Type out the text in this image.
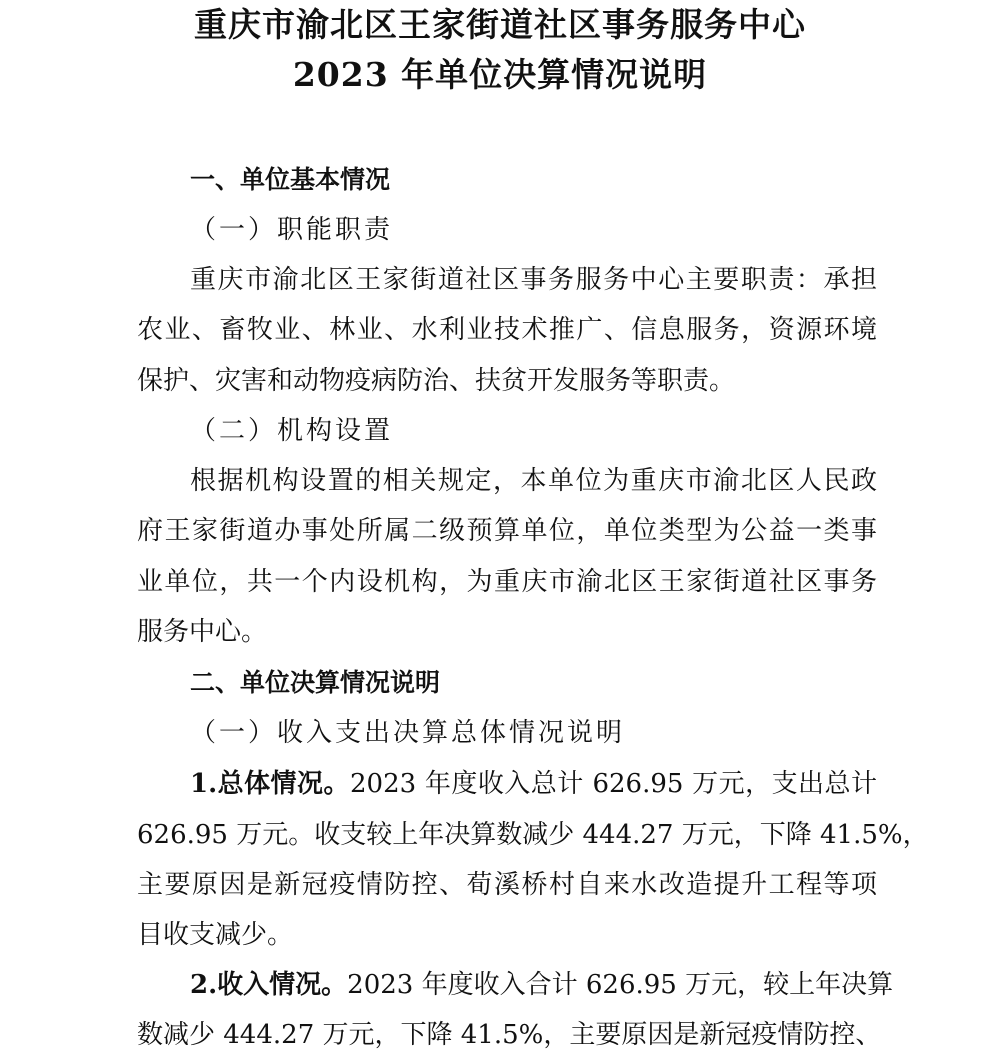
重庆市渝北区王家街道社区事务服务中心
2023 年单位决算情况说明
一、单位基本情况
（一）职能职责
重庆市渝北区王家街道社区事务服务中心主要职责：承担
农业、畜牧业、林业、水利业技术推广、信息服务，资源环境
保护、灾害和动物疫病防治、扶贫开发服务等职责。
（二）机构设置
根据机构设置的相关规定，本单位为重庆市渝北区人民政
府王家街道办事处所属二级预算单位，单位类型为公益一类事
业单位，共一个内设机构，为重庆市渝北区王家街道社区事务
服务中心。
二、单位决算情况说明
（一）收入支出决算总体情况说明
1.总体情况。2023 年度收入总计 626.95 万元，支出总计
626.95 万元。收支较上年决算数减少 444.27 万元，下降 41.5%，
主要原因是新冠疫情防控、荀溪桥村自来水改造提升工程等项
目收支减少。
2.收入情况。2023 年度收入合计 626.95 万元，较上年决算
数减少 444.27 万元，下降 41.5%，主要原因是新冠疫情防控、
